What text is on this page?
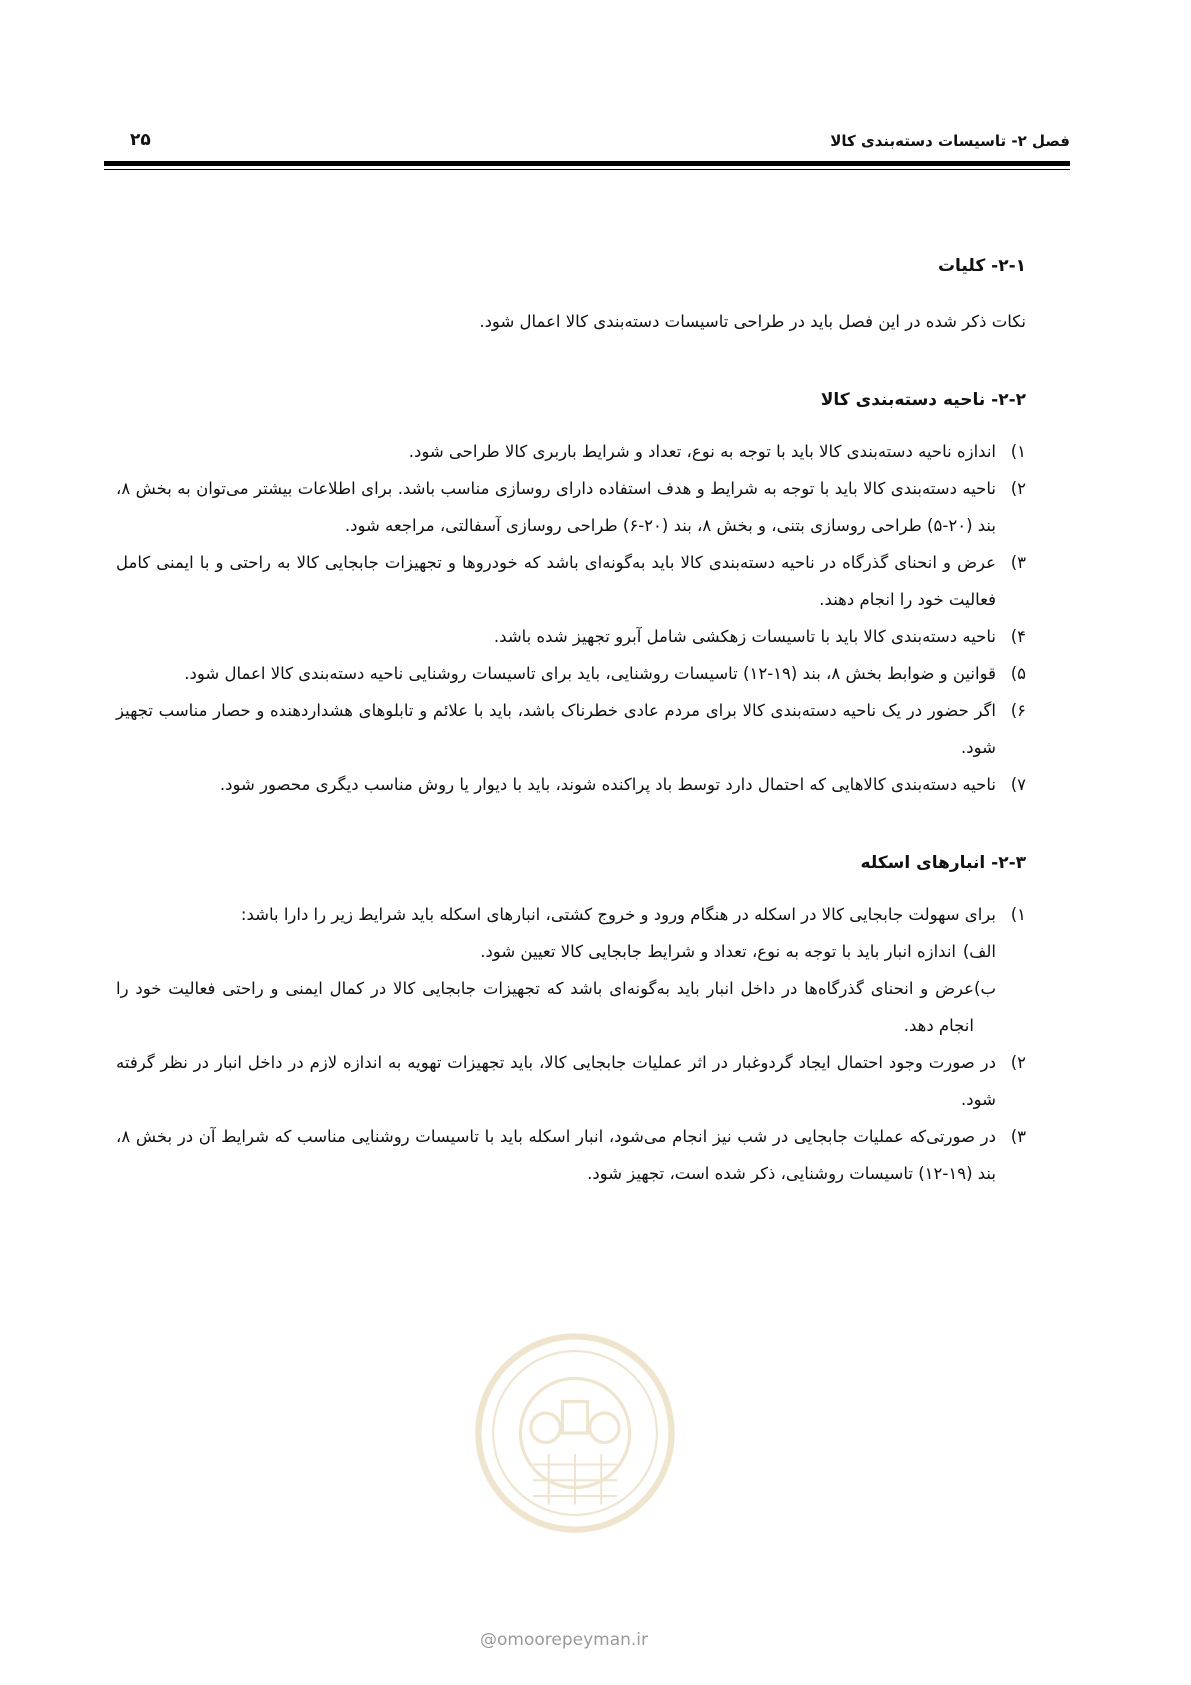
فصل ۲- تاسیسات دسته‌بندی کالا
۲۵
۲-۱- کلیات

نکات ذکر شده در این فصل باید در طراحی تاسیسات دسته‌بندی کالا اعمال شود.

۲-۲- ناحیه دسته‌بندی کالا
۱)
اندازه ناحیه دسته‌بندی کالا باید با توجه به نوع، تعداد و شرایط باربری کالا طراحی شود.
۲)
ناحیه دسته‌بندی کالا باید با توجه به شرایط و هدف استفاده دارای روسازی مناسب باشد. برای اطلاعات بیشتر می‌توان به بخش ۸، بند (۲۰-۵) طراحی روسازی بتنی، و بخش ۸، بند (۲۰-۶) طراحی روسازی آسفالتی، مراجعه شود.
۳)
عرض و انحنای گذرگاه در ناحیه دسته‌بندی کالا باید به‌گونه‌ای باشد که خودروها و تجهیزات جابجایی کالا به راحتی و با ایمنی کامل فعالیت خود را انجام دهند.
۴)
ناحیه دسته‌بندی کالا باید با تاسیسات زهکشی شامل آبرو تجهیز شده باشد.
۵)
قوانین و ضوابط بخش ۸، بند (۱۹-۱۲) تاسیسات روشنایی، باید برای تاسیسات روشنایی ناحیه دسته‌بندی کالا اعمال شود.
۶)
اگر حضور در یک ناحیه دسته‌بندی کالا برای مردم عادی خطرناک باشد، باید با علائم و تابلوهای هشداردهنده و حصار مناسب تجهیز شود.
۷)
ناحیه دسته‌بندی کالاهایی که احتمال دارد توسط باد پراکنده شوند، باید با دیوار یا روش مناسب دیگری محصور شود.
۲-۳- انبارهای اسکله
۱)
برای سهولت جابجایی کالا در اسکله در هنگام ورود و خروج کشتی، انبارهای اسکله باید شرایط زیر را دارا باشد:
الف)
اندازه انبار باید با توجه به نوع، تعداد و شرایط جابجایی کالا تعیین شود.
ب)
عرض و انحنای گذرگاه‌ها در داخل انبار باید به‌گونه‌ای باشد که تجهیزات جابجایی کالا در کمال ایمنی و راحتی فعالیت خود را انجام دهد.
۲)
در صورت وجود احتمال ایجاد گردوغبار در اثر عملیات جابجایی کالا، باید تجهیزات تهویه به اندازه لازم در داخل انبار در نظر گرفته شود.
۳)
در صورتی‌که عملیات جابجایی در شب نیز انجام می‌شود، انبار اسکله باید با تاسیسات روشنایی مناسب که شرایط آن در بخش ۸، بند (۱۹-۱۲) تاسیسات روشنایی، ذکر شده است، تجهیز شود.
@omoorepeyman.ir
